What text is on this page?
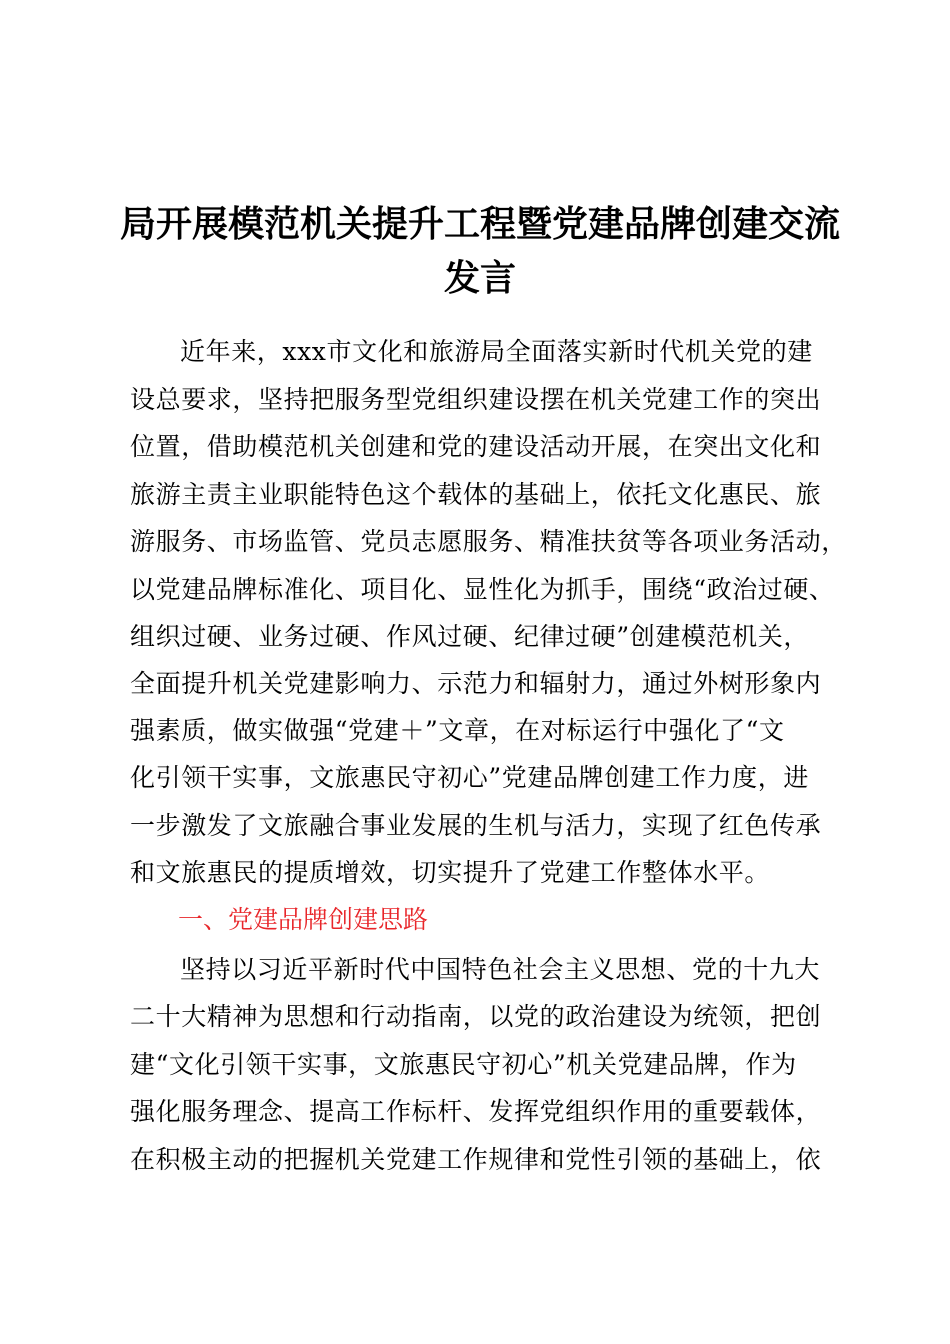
局开展模范机关提升工程暨党建品牌创建交流
发言
近年来，xxx市文化和旅游局全面落实新时代机关党的建
设总要求，坚持把服务型党组织建设摆在机关党建工作的突出
位置，借助模范机关创建和党的建设活动开展，在突出文化和
旅游主责主业职能特色这个载体的基础上，依托文化惠民、旅
游服务、市场监管、党员志愿服务、精准扶贫等各项业务活动，
以党建品牌标准化、项目化、显性化为抓手，围绕“政治过硬、
组织过硬、业务过硬、作风过硬、纪律过硬”创建模范机关，
全面提升机关党建影响力、示范力和辐射力，通过外树形象内
强素质，做实做强“党建＋”文章，在对标运行中强化了“文
化引领干实事，文旅惠民守初心”党建品牌创建工作力度，进
一步激发了文旅融合事业发展的生机与活力，实现了红色传承
和文旅惠民的提质增效，切实提升了党建工作整体水平。
一、党建品牌创建思路
坚持以习近平新时代中国特色社会主义思想、党的十九大
二十大精神为思想和行动指南，以党的政治建设为统领，把创
建“文化引领干实事，文旅惠民守初心”机关党建品牌，作为
强化服务理念、提高工作标杆、发挥党组织作用的重要载体，
在积极主动的把握机关党建工作规律和党性引领的基础上，依
